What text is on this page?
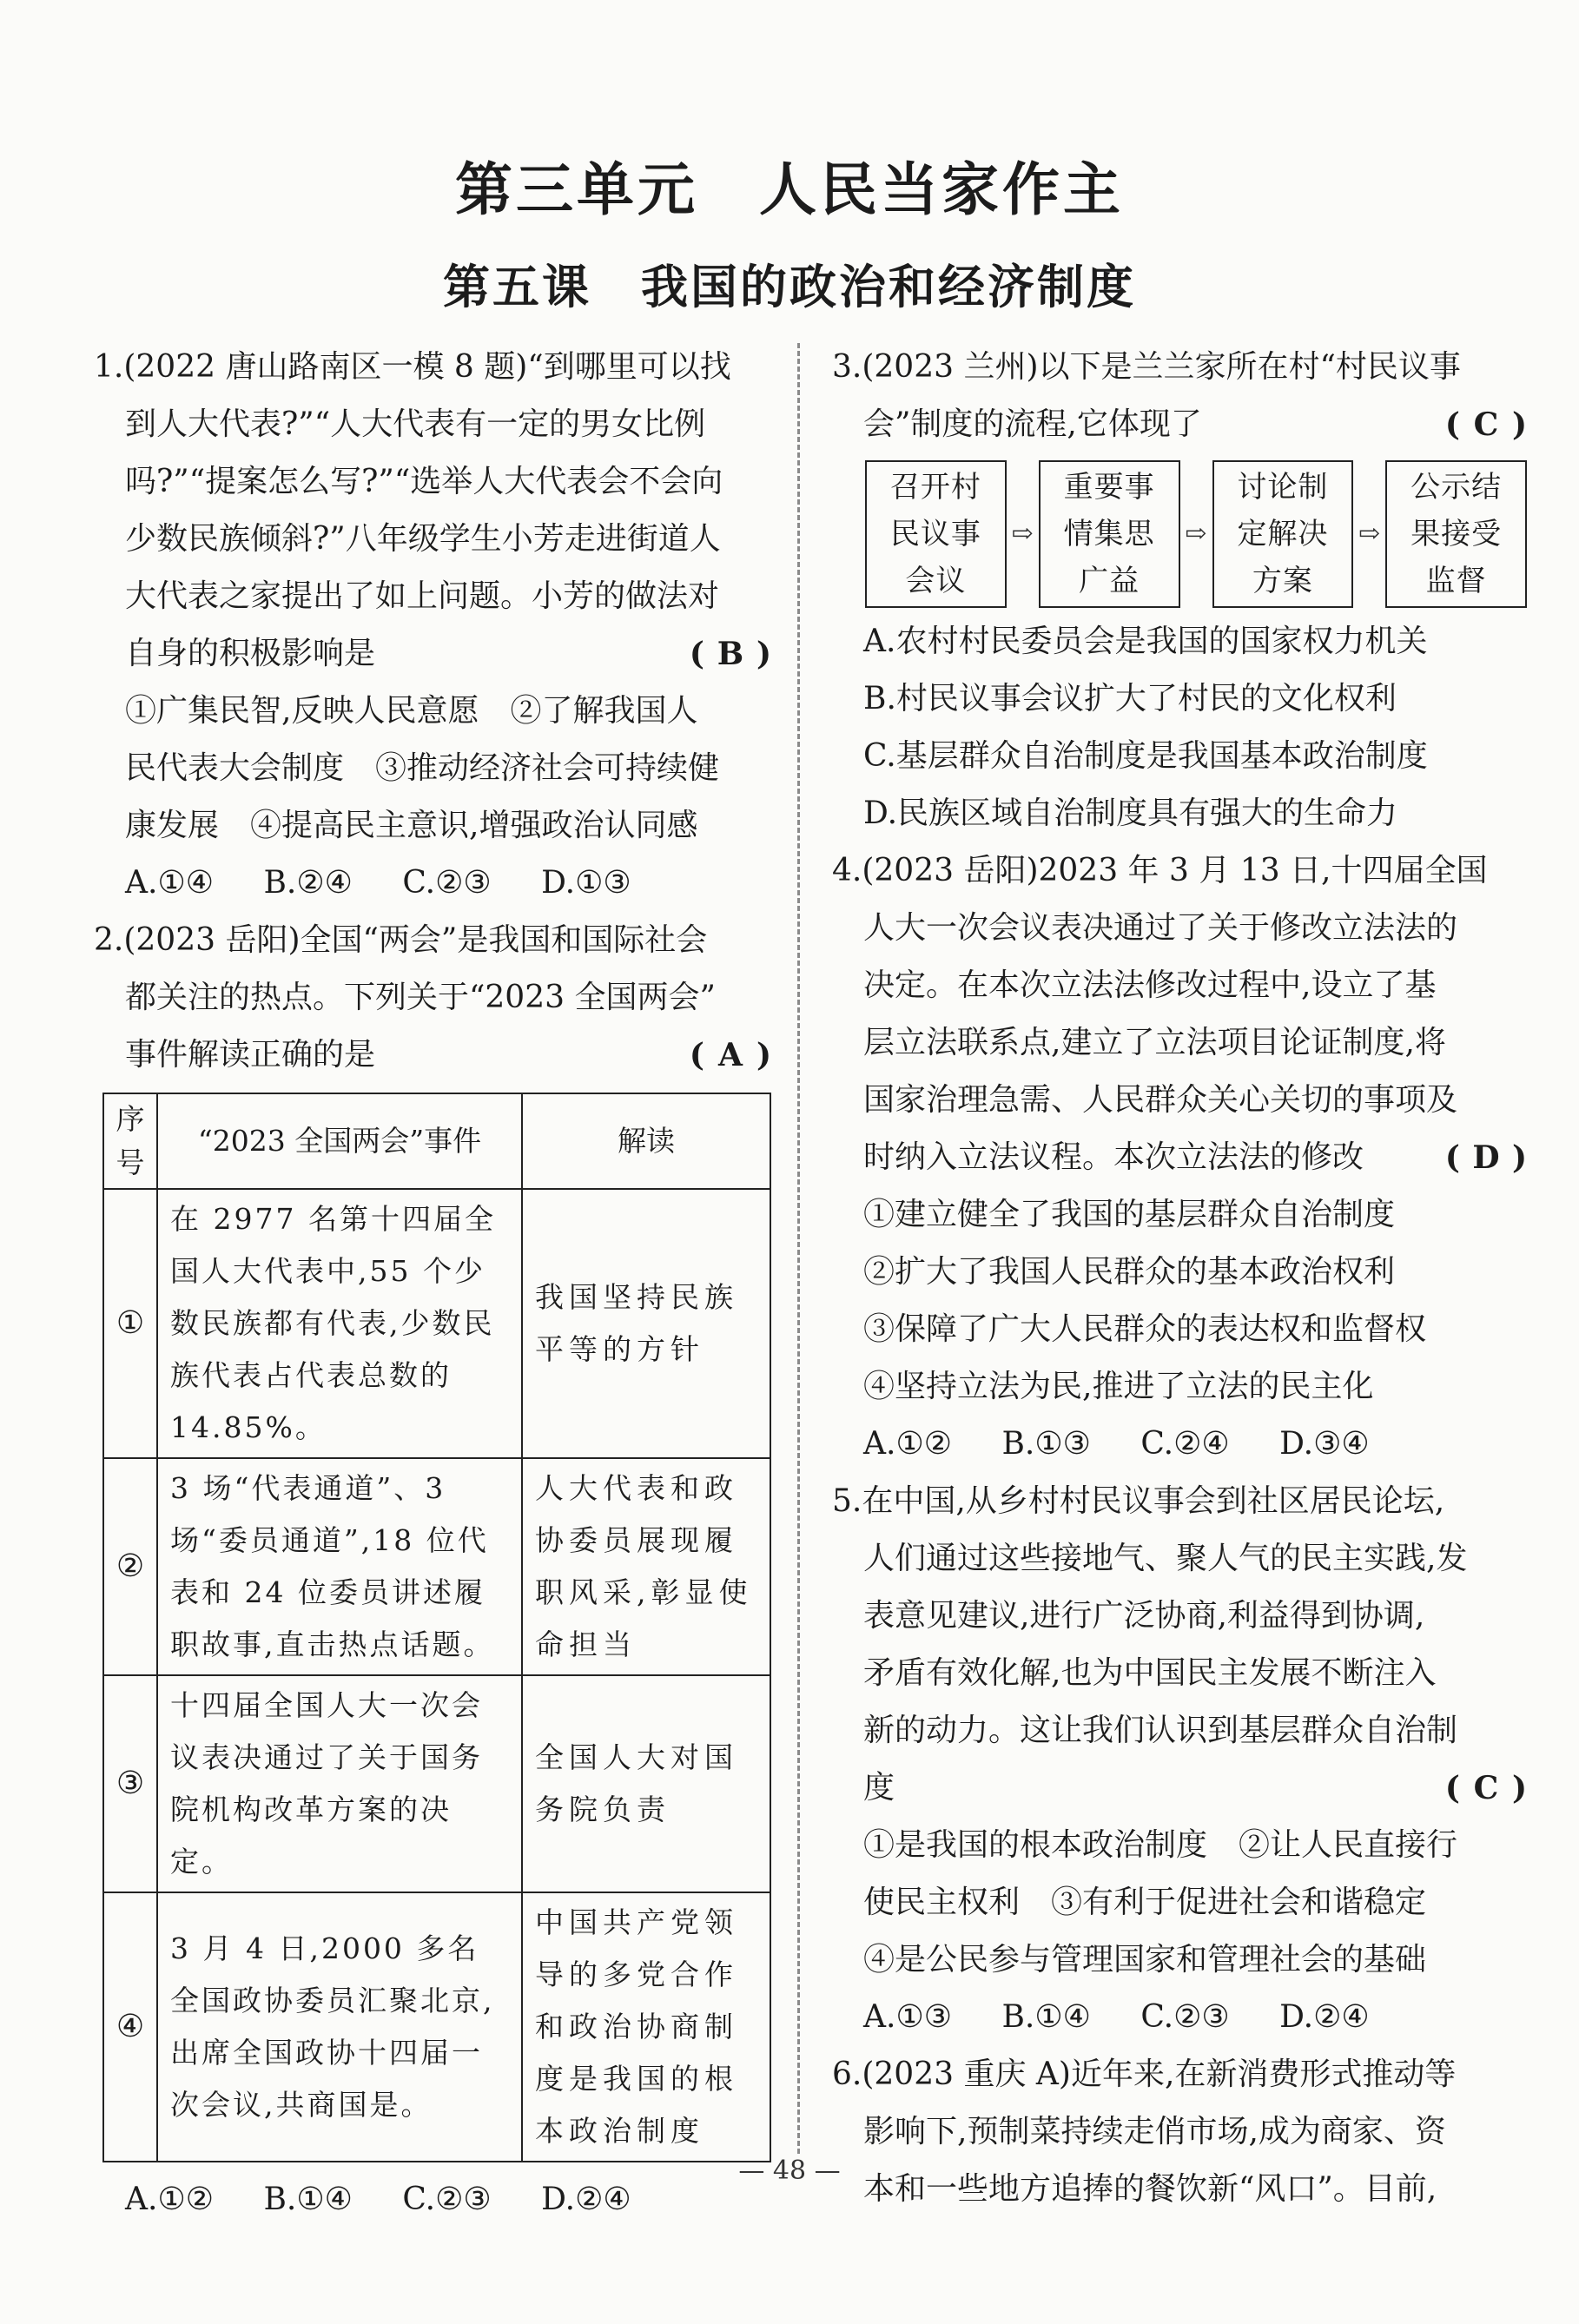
第三单元　人民当家作主
第五课　我国的政治和经济制度

1.(2022 唐山路南区一模 8 题)“到哪里可以找

到人大代表?”“人大代表有一定的男女比例

吗?”“提案怎么写?”“选举人大代表会不会向

少数民族倾斜?”八年级学生小芳走进街道人

大代表之家提出了如上问题。小芳的做法对

自身的积极影响是	( B )

①广集民智,反映人民意愿　②了解我国人

民代表大会制度　③推动经济社会可持续健

康发展　④提高民主意识,增强政治认同感

A.①④ B.②④ C.②③ D.①③

2.(2023 岳阳)全国“两会”是我国和国际社会

都关注的热点。下列关于“2023 全国两会”

事件解读正确的是	( A )

序号	“2023 全国两会”事件	解读
①	在 2977 名第十四届全国人大代表中,55 个少数民族都有代表,少数民族代表占代表总数的 14.85%。	我国坚持民族平等的方针
②	3 场“代表通道”、3 场“委员通道”,18 位代表和 24 位委员讲述履职故事,直击热点话题。	人大代表和政协委员展现履职风采,彰显使命担当
③	十四届全国人大一次会议表决通过了关于国务院机构改革方案的决定。	全国人大对国务院负责
④	3 月 4 日,2000 多名全国政协委员汇聚北京,出席全国政协十四届一次会议,共商国是。	中国共产党领导的多党合作和政治协商制度是我国的根本政治制度

A.①② B.①④ C.②③ D.②④

3.(2023 兰州)以下是兰兰家所在村“村民议事

会”制度的流程,它体现了	( C )

召开村民议事会议
⇨
重要事情集思广益
⇨
讨论制定解决方案
⇨
公示结果接受监督

A.农村村民委员会是我国的国家权力机关

B.村民议事会议扩大了村民的文化权利

C.基层群众自治制度是我国基本政治制度

D.民族区域自治制度具有强大的生命力

4.(2023 岳阳)2023 年 3 月 13 日,十四届全国

人大一次会议表决通过了关于修改立法法的

决定。在本次立法法修改过程中,设立了基

层立法联系点,建立了立法项目论证制度,将

国家治理急需、人民群众关心关切的事项及

时纳入立法议程。本次立法法的修改	( D )

①建立健全了我国的基层群众自治制度

②扩大了我国人民群众的基本政治权利

③保障了广大人民群众的表达权和监督权

④坚持立法为民,推进了立法的民主化

A.①② B.①③ C.②④ D.③④

5.在中国,从乡村村民议事会到社区居民论坛,

人们通过这些接地气、聚人气的民主实践,发

表意见建议,进行广泛协商,利益得到协调,

矛盾有效化解,也为中国民主发展不断注入

新的动力。这让我们认识到基层群众自治制

度	( C )

①是我国的根本政治制度　②让人民直接行

使民主权利　③有利于促进社会和谐稳定

④是公民参与管理国家和管理社会的基础

A.①③ B.①④ C.②③ D.②④

6.(2023 重庆 A)近年来,在新消费形式推动等

影响下,预制菜持续走俏市场,成为商家、资

本和一些地方追捧的餐饮新“风口”。目前,

— 48 —
